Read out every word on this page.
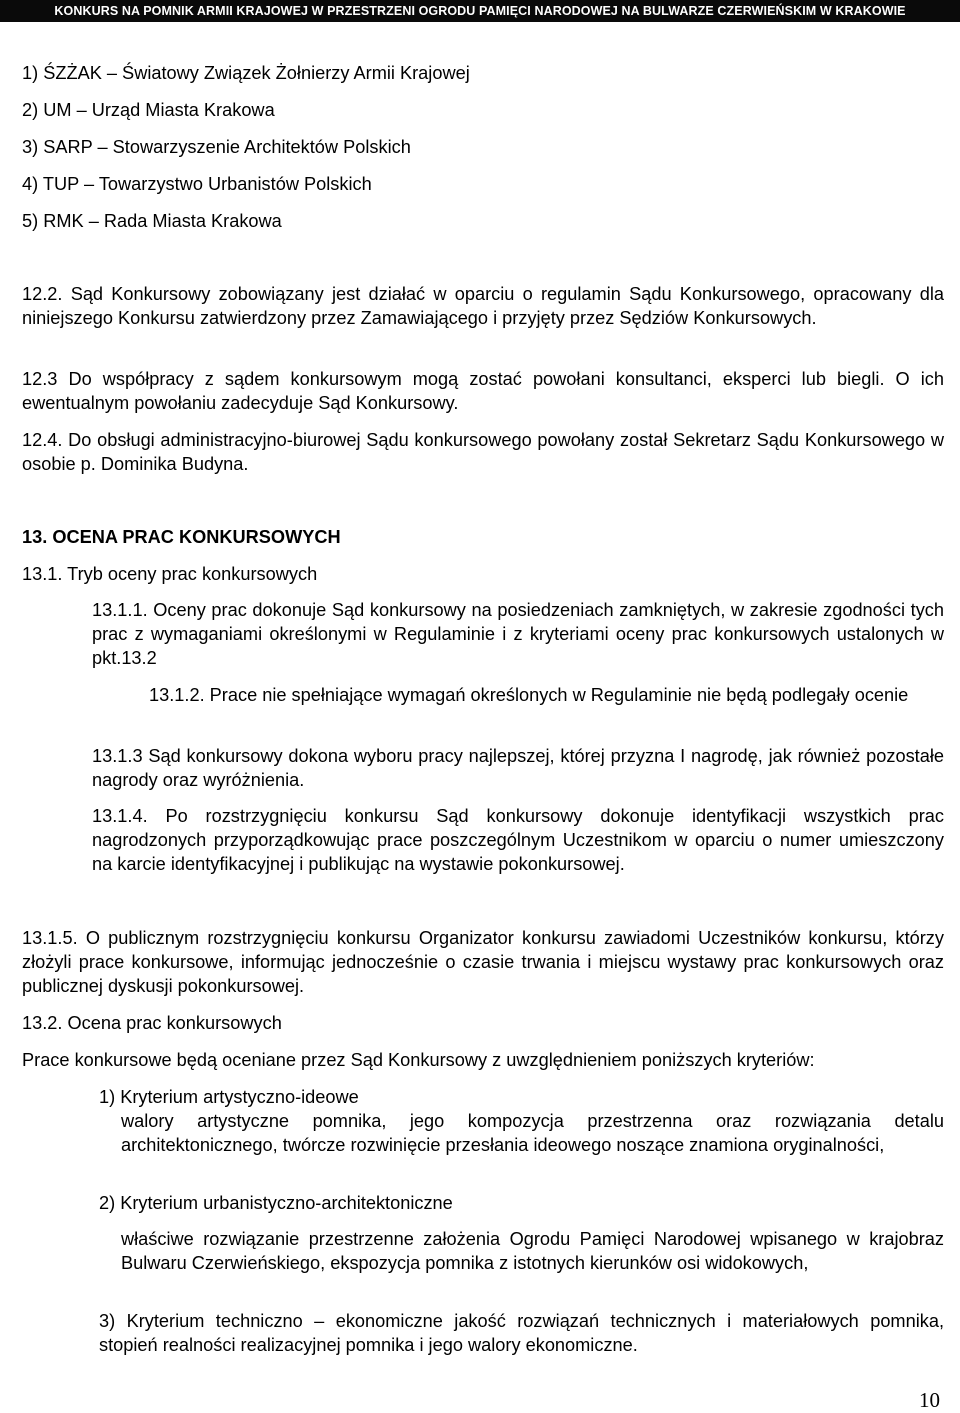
KONKURS NA POMNIK ARMII KRAJOWEJ W PRZESTRZENI OGRODU PAMIĘCI NARODOWEJ NA BULWARZE CZERWIEŃSKIM W KRAKOWIE
1) ŚZŻAK – Światowy Związek Żołnierzy Armii Krajowej
2) UM – Urząd Miasta Krakowa
3) SARP – Stowarzyszenie Architektów Polskich
4) TUP – Towarzystwo Urbanistów Polskich
5) RMK – Rada Miasta Krakowa
12.2. Sąd Konkursowy zobowiązany jest działać w oparciu o regulamin Sądu Konkursowego, opracowany dla niniejszego Konkursu zatwierdzony przez Zamawiającego i przyjęty przez Sędziów Konkursowych.
12.3 Do współpracy z sądem konkursowym mogą zostać powołani konsultanci, eksperci lub biegli. O ich ewentualnym powołaniu zadecyduje Sąd Konkursowy.
12.4. Do obsługi administracyjno-biurowej Sądu konkursowego powołany został Sekretarz Sądu Konkursowego w osobie p. Dominika Budyna.
13. OCENA PRAC KONKURSOWYCH
13.1. Tryb oceny prac konkursowych
13.1.1. Oceny prac dokonuje Sąd konkursowy na posiedzeniach zamkniętych, w zakresie zgodności tych prac z wymaganiami określonymi w Regulaminie i z kryteriami oceny prac konkursowych ustalonych w pkt.13.2
13.1.2. Prace nie spełniające wymagań określonych w Regulaminie nie będą podlegały ocenie
13.1.3 Sąd konkursowy dokona wyboru pracy najlepszej, której przyzna I nagrodę, jak również pozostałe nagrody oraz wyróżnienia.
13.1.4. Po rozstrzygnięciu konkursu Sąd konkursowy dokonuje identyfikacji wszystkich prac nagrodzonych przyporządkowując prace poszczególnym Uczestnikom w oparciu o numer umieszczony na karcie identyfikacyjnej i publikując na wystawie pokonkursowej.
13.1.5. O publicznym rozstrzygnięciu konkursu Organizator konkursu zawiadomi Uczestników konkursu, którzy złożyli prace konkursowe, informując jednocześnie o czasie trwania i miejscu wystawy prac konkursowych oraz publicznej dyskusji pokonkursowej.
13.2. Ocena prac konkursowych
Prace konkursowe będą oceniane przez Sąd Konkursowy z uwzględnieniem poniższych kryteriów:
1) Kryterium artystyczno-ideowe
walory artystyczne pomnika, jego kompozycja przestrzenna oraz rozwiązania detalu architektonicznego, twórcze rozwinięcie przesłania ideowego noszące znamiona oryginalności,
2) Kryterium urbanistyczno-architektoniczne
właściwe rozwiązanie przestrzenne założenia Ogrodu Pamięci Narodowej wpisanego w krajobraz Bulwaru Czerwieńskiego, ekspozycja pomnika z istotnych kierunków osi widokowych,
3) Kryterium techniczno – ekonomiczne jakość rozwiązań technicznych i materiałowych pomnika, stopień realności realizacyjnej pomnika i jego walory ekonomiczne.
10
